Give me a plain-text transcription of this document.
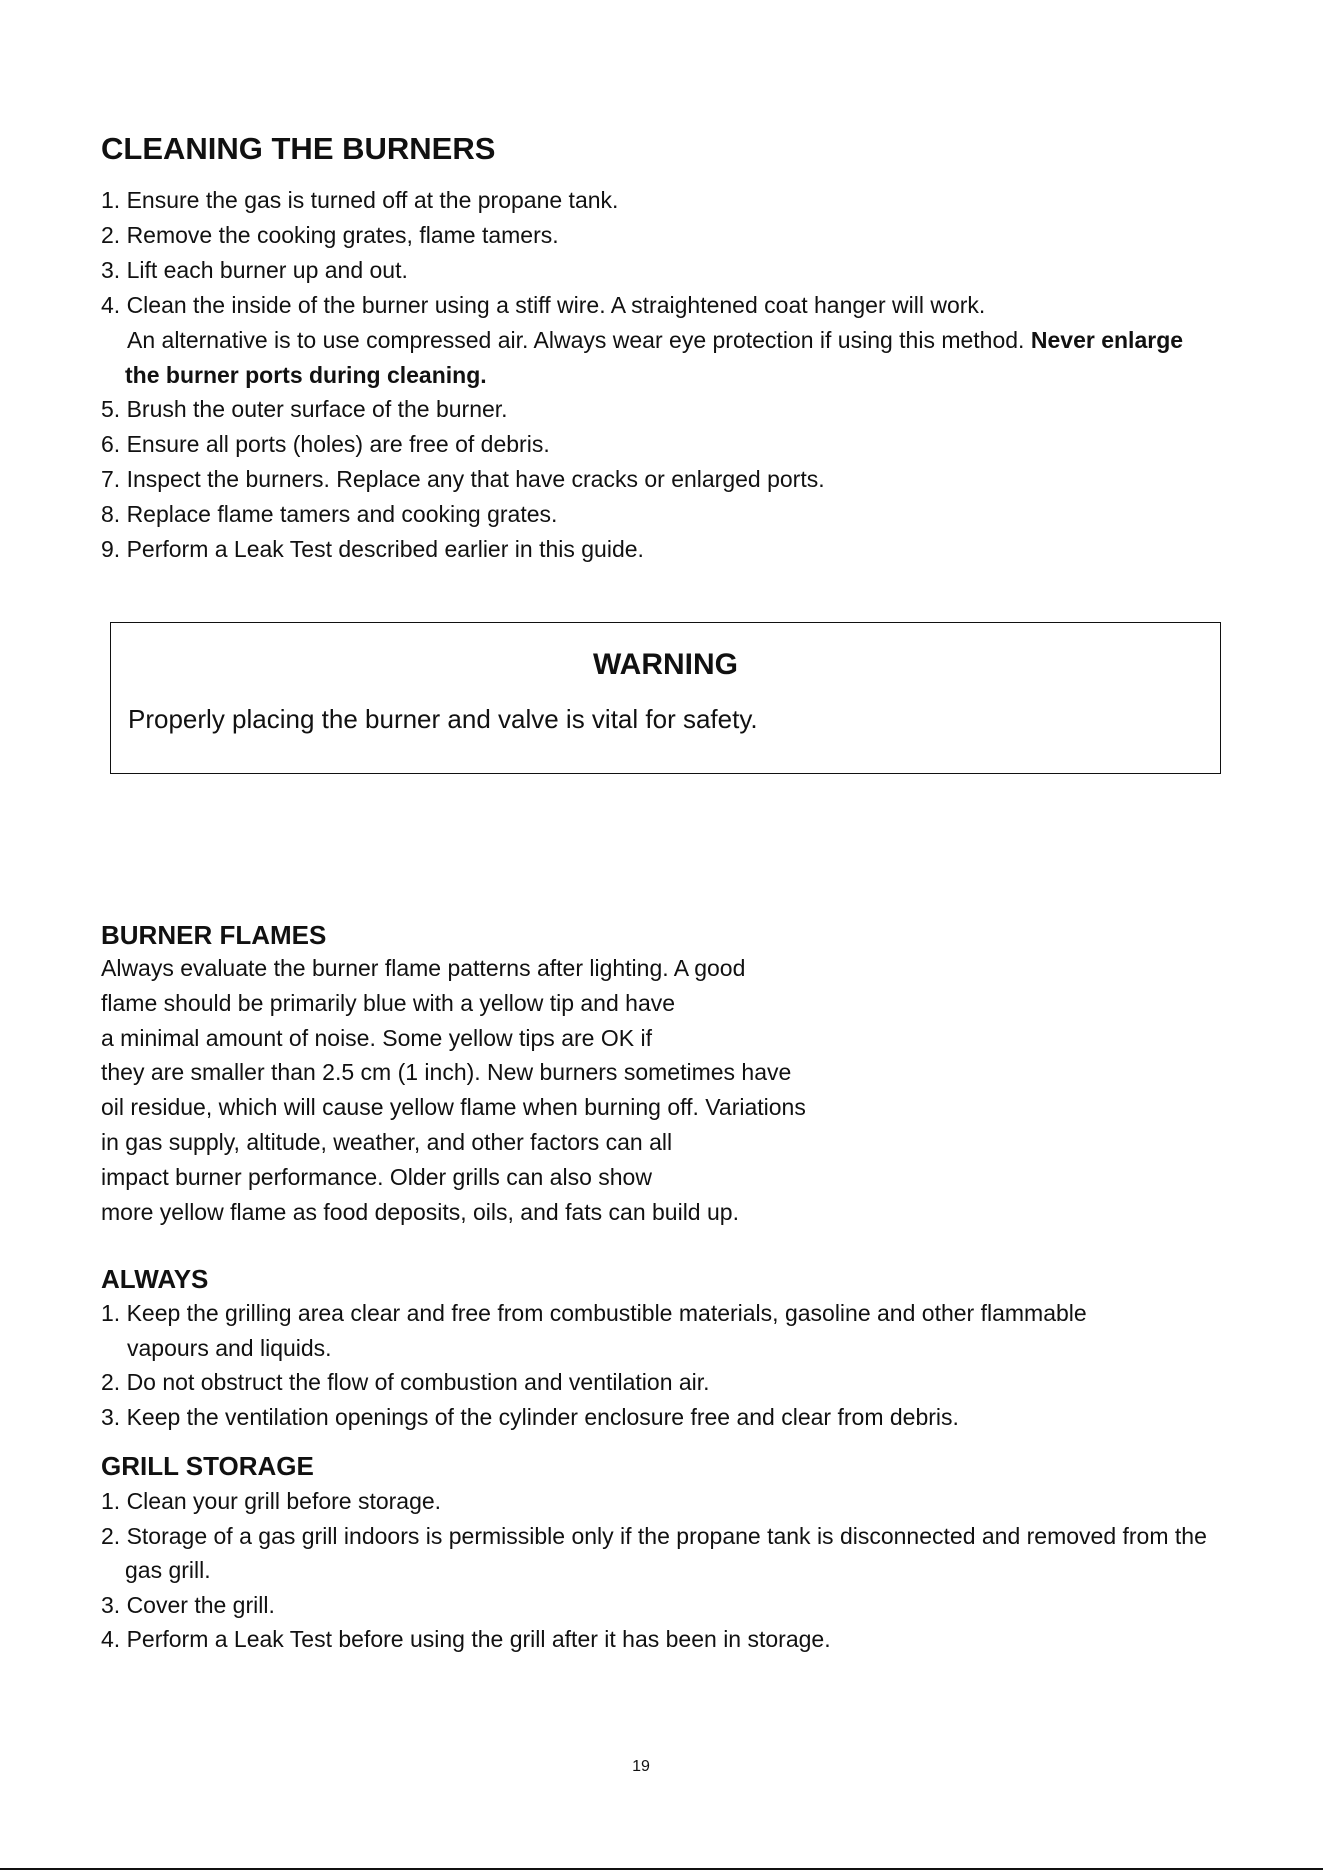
CLEANING THE BURNERS
1. Ensure the gas is turned off at the propane tank.
2. Remove the cooking grates, flame tamers.
3. Lift each burner up and out.
4. Clean the inside of the burner using a stiff wire. A straightened coat hanger will work.
An alternative is to use compressed air. Always wear eye protection if using this method. Never enlarge
the burner ports during cleaning.
5. Brush the outer surface of the burner.
6. Ensure all ports (holes) are free of debris.
7. Inspect the burners. Replace any that have cracks or enlarged ports.
8. Replace flame tamers and cooking grates.
9. Perform a Leak Test described earlier in this guide.
WARNING
Properly placing the burner and valve is vital for safety.
BURNER FLAMES
Always evaluate the burner flame patterns after lighting. A good
flame should be primarily blue with a yellow tip and have
a minimal amount of noise. Some yellow tips are OK if
they are smaller than 2.5 cm (1 inch). New burners sometimes have
oil residue, which will cause yellow flame when burning off. Variations
in gas supply, altitude, weather, and other factors can all
impact burner performance. Older grills can also show
more yellow flame as food deposits, oils, and fats can build up.
ALWAYS
1. Keep the grilling area clear and free from combustible materials, gasoline and other flammable
vapours and liquids.
2. Do not obstruct the flow of combustion and ventilation air.
3. Keep the ventilation openings of the cylinder enclosure free and clear from debris.
GRILL STORAGE
1. Clean your grill before storage.
2. Storage of a gas grill indoors is permissible only if the propane tank is disconnected and removed from the
gas grill.
3. Cover the grill.
4. Perform a Leak Test before using the grill after it has been in storage.
19
